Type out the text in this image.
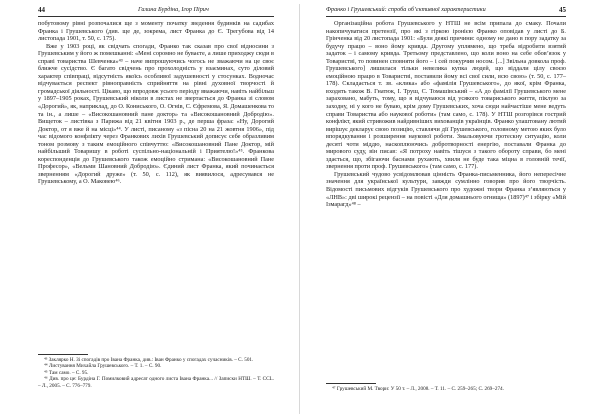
44	Галина Бурдіна, Ігор Пірич

побутовому рівні розпочалися ще з моменту початку зведення будинків на садибах Франка і Грушевського (див. ще де, зокрема, лист Франка до Є. Трегубова від 14 листопада 1901, т. 50, с. 175).

Вже у 1903 році, як свідчать спогади, Франко так сказав про свої відносини з Грушевським у його ж помешканні: «Мені соромно не буваєте, а лише приходжу сюди в справі товариства Шевченка»⁴³ – наче випрошуючись чогось не зважаючи на це своє ближче сусідство. Є багато свідчень про прохолодність у взаєминах, суто діловий характер співпраці, відсутність якоїсь особливої задушевності у стосунках. Водночас відчувається респект рівноправність сприйняття на рівні духовної творчості й громадської діяльності. Цікаво, що впродовж усього періоду вважаючи, навіть найбільш у 1897–1905 роках, Грушевський ніколи в листах не звертається до Франка зі словом «Дорогий», як, наприклад, до О. Кониського, О. Огнів, С. Єфремова, Я. Домашенкова то та ін., а лише – «Високошановний пане доктор» та «Високошановний Добродію». Вищеток – листівка з Парижа від 21 квітня 1903 р., де перша фраза: «Ну, Дорогий Доктор, от я вже й на місці»⁴⁴. У листі, писаному «з пісна 20 на 21 жовтня 1906», під час відомого конфлікту через Франкових лихів Грушевський дописує себе образливим тоном розмову з таким емоційного співчуттю: «Високошановний Пане Доктор, мій найбільший Товаришу в роботі суспільно-національній і Приятелю!»⁴⁵. Франкова кореспонденція до Грушевського також емоційно стримана: «Високошановний Пане Професор», «Вельми Шановний Добродію». Єдиний лист Франка, який починається зверненням «Дорогий друже» (т. 50, с. 112), як виявилося, адресувався не Грушевському, а О. Маковею⁴⁶.

⁴³ Заклярко Н. Зі спогадів про Івана Франка, див.: Іван Франко у спогадах сучасників. – С. 501.

⁴⁴ Листування Михайла Грушевського. – Т. 1. – С. 90.

⁴⁵ Там само. – С. 95.

⁴⁶ Див. про це: Бурдіна Г. Помилковий адресат одного листа Івана Франка... // Записки НТШ. – Т. ССL. – Л., 2005. – С. 776–779.

Франко і Грушевський: спроба об’єктивної характеристики	45

Організаційна робота Грушевського у НТШ не всім припала до смаку. Почали накопичуватися претензії, про які з гіркою іронією Франко оповідав у листі до Б. Грінченка від 20 листопада 1901: «Були деякі причини: одному не дано в пору задатку за будучу працю – воно йому кривда. Другому уплямено, що треба відробити взятий задаток – і самому кривда. Третьому представлено, що коли воно на себе обов’язок у Товаристві, то повинен сповняти його – і сей покурчив носом. [...] Звільна довкола проф. Грушевського] лишилася тільки невелика купка людей, що віддали цілу своєю емоційною працю в Товаристві, поставили йому всі свої сили, всю свою» (т. 50, с. 177–178). Складається т. зв. «клика» або «фамілія Грушевського», до якої, крім Франка, входять також В. Гнатюк, І. Труш, С. Томашівський – «А до фамілії Грушевського мене зараховано, мабуть, тому, що я відчуваюся від усякого товариського життя, піклую за заходну, ні у кого не буваю, крім дому Грушевських, хоча сюди найчастіше мене ведуть справи Товариства або наукової роботи» (там само, с. 178). У НТШ розгорівся гострий конфлікт, який стривожив найдивніших вихованців українців. Франко улаштовану лютий вирішує декларує свою позицію, ставлячи дії Грушевського, головному метою яких було впорядкування і розширення наукової роботи. Змальовуючи гротескну ситуацію, коли десяті чоти міддю, наскоплюючись добротворності енергію, поставали Франка до мирового суду, він писав: «Я потроху навіть тішуся з такого обороту справи, бо мені здається, що, збігаючи баснами рухають, хвиля не буде така міцна в головній течії, звернення проти проф. Грушевського» (там само, с. 177).

Грушевський чудово усвідомлював цінність Франка-письменника, його непересічне значення для української культури, завжди сумлінно говорив про його творчість. Відомості письмових відгуків Грушевського про художні твори Франка з’являються у «ЛНВ»: дві широкі рецензії – на повісті «Для домашнього огнища» (1897)⁴⁷ і збірку «Мій Ізмарагд»⁴⁸ –

⁴⁷ Грушевський М. Твори: У 50 т. – Л., 2008. – Т. 11. – С. 259–265; С. 269–274.
